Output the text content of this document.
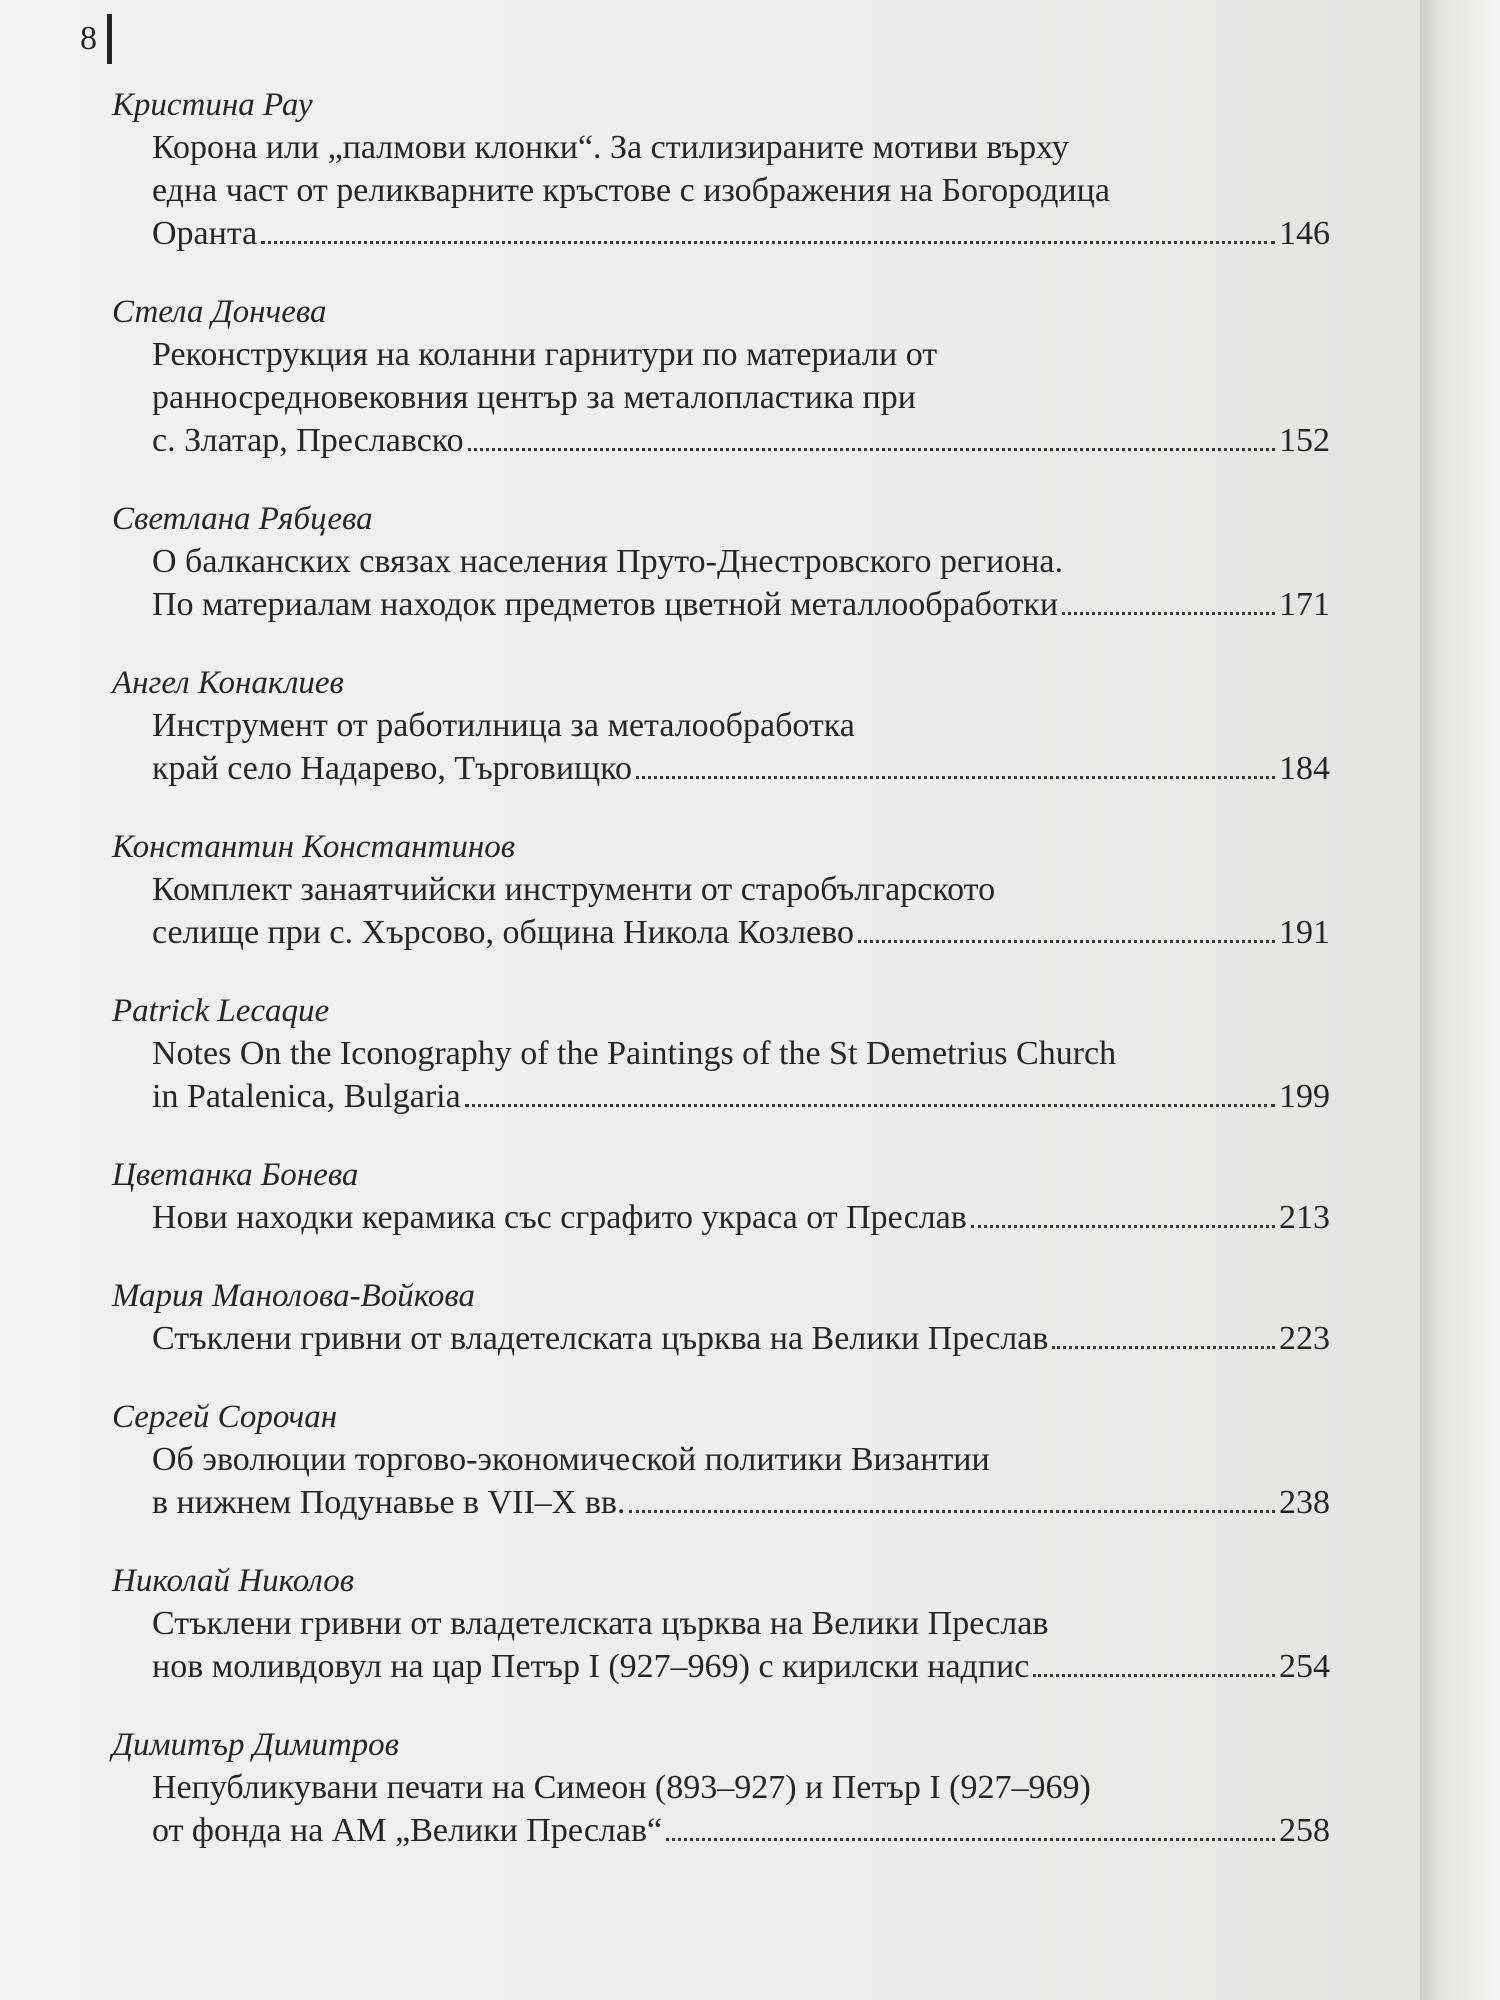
8
Кристина Рау
Корона или „палмови клонки“. За стилизираните мотиви върху
една част от реликварните кръстове с изображения на Богородица
Оранта	146
Стела Дончева
Реконструкция на коланни гарнитури по материали от
ранносредновековния център за металопластика при
с. Златар, Преславско	152
Светлана Рябцева
О балканских связах населения Пруто-Днестровского региона.
По материалам находок предметов цветной металлообработки	171
Ангел Конаклиев
Инструмент от работилница за металообработка
край село Надарево, Търговищко	184
Константин Константинов
Комплект занаятчийски инструменти от старобългарското
селище при с. Хърсово, община Никола Козлево	191
Patrick Lecaque
Notes On the Iconography of the Paintings of the St Demetrius Church
in Patalenica, Bulgaria	199
Цветанка Бонева
Нови находки керамика със сграфито украса от Преслав	213
Мария Манолова-Войкова
Стъклени гривни от владетелската църква на Велики Преслав	223
Сергей Сорочан
Об эволюции торгово-экономической политики Византии
в нижнем Подунавье в VII–X вв.	238
Николай Николов
Стъклени гривни от владетелската църква на Велики Преслав
нов моливдовул на цар Петър I (927–969) с кирилски надпис	254
Димитър Димитров
Непубликувани печати на Симеон (893–927) и Петър I (927–969)
от фонда на АМ „Велики Преслав“	258
